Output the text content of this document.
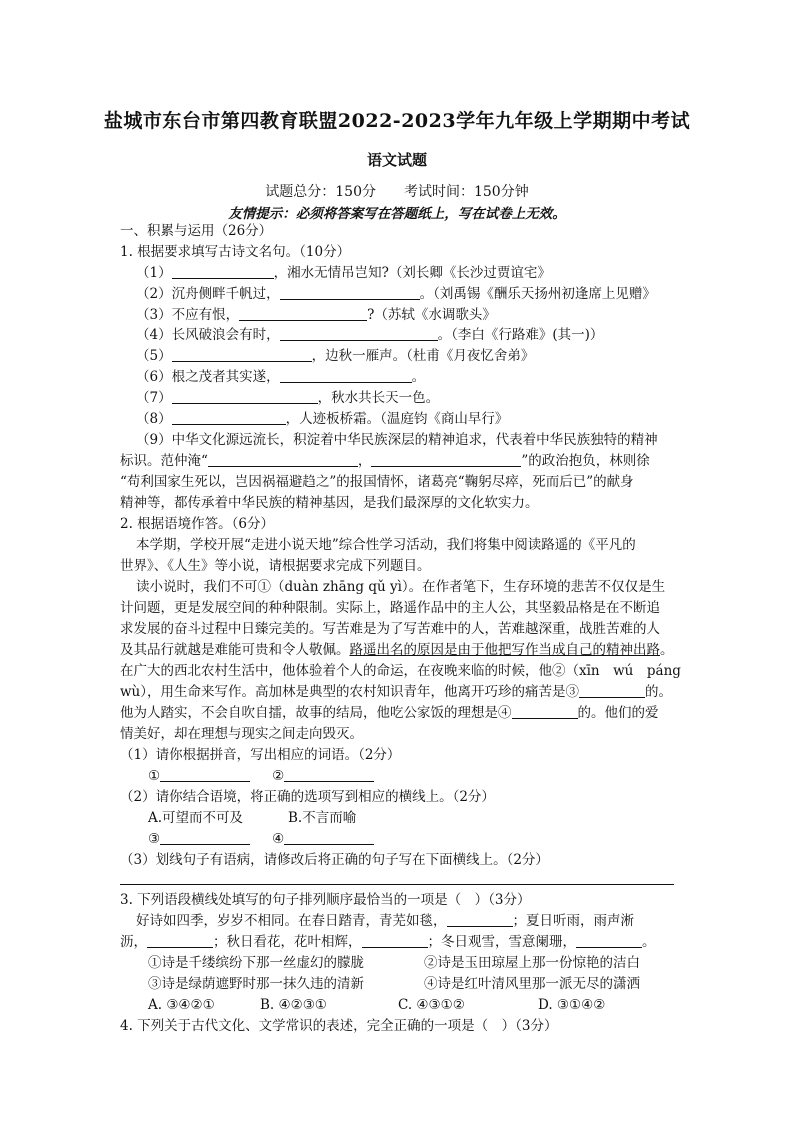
盐城市东台市第四教育联盟2022-2023学年九年级上学期期中考试
语文试题
试题总分：150分　　考试时间：150分钟
友情提示：必须将答案写在答题纸上，写在试卷上无效。
一、积累与运用（26分）
1. 根据要求填写古诗文名句。（10分）
（1）	，湘水无情吊岂知?（刘长卿《长沙过贾谊宅》
（2）沉舟侧畔千帆过，	。（刘禹锡《酬乐天扬州初逢席上见赠》
（3）不应有恨，	?（苏轼《水调歌头》
（4）长风破浪会有时，	。（李白《行路难》(其一)）
（5）	，边秋一雁声。（杜甫《月夜忆舍弟》
（6）根之茂者其实遂，	。
（7）	，秋水共长天一色。
（8）	，人迹板桥霜。（温庭钧《商山早行》
（9）中华文化源远流长，积淀着中华民族深层的精神追求，代表着中华民族独特的精神
标识。范仲淹“	，	”的政治抱负，林则徐
“苟利国家生死以，岂因祸福避趋之”的报国情怀，诸葛亮“鞠躬尽瘁，死而后已”的献身
精神等，都传承着中华民族的精神基因，是我们最深厚的文化软实力。
2. 根据语境作答。（6分）
本学期，学校开展“走进小说天地”综合性学习活动，我们将集中阅读路遥的《平凡的
世界》、《人生》等小说，请根据要求完成下列题目。
读小说时，我们不可①（duàn zhāng qǔ yì）。在作者笔下，生存环境的悲苦不仅仅是生
计问题，更是发展空间的种种限制。实际上，路遥作品中的主人公，其坚毅品格是在不断追
求发展的奋斗过程中日臻完美的。写苦难是为了写苦难中的人，苦难越深重，战胜苦难的人
及其品行就越是难能可贵和令人敬佩。路遥出名的原因是由于他把写作当成自己的精神出路。
在广大的西北农村生活中，他体验着个人的命运，在夜晚来临的时候，他②（xīn　wú　páng
wù），用生命来写作。高加林是典型的农村知识青年，他离开巧珍的痛苦是③	的。
他为人踏实，不会自吹自擂，故事的结局，他吃公家饭的理想是④	的。他们的爱
情美好，却在理想与现实之间走向毁灭。
（1）请你根据拼音，写出相应的词语。（2分）
①	②
（2）请你结合语境，将正确的选项写到相应的横线上。（2分）
A.可望而不可及	B.不言而喻
③	④
（3）划线句子有语病，请修改后将正确的句子写在下面横线上。（2分）
3. 下列语段横线处填写的句子排列顺序最恰当的一项是（　）（3分）
好诗如四季，岁岁不相同。在春日踏青，青芜如毯，	；夏日听雨，雨声淅
沥，	；秋日看花，花叶相辉，	；冬日观雪，雪意阑珊，	。
①诗是千缕缤纷下那一丝虚幻的朦胧	②诗是玉田琼屋上那一份惊艳的洁白
③诗是绿荫遮野时那一抹久违的清新	④诗是红叶清风里那一派无尽的潇洒
A. ③④②①	B. ④②③①	C. ④③①②	D. ③①④②
4. 下列关于古代文化、文学常识的表述，完全正确的一项是（　）（3分）
